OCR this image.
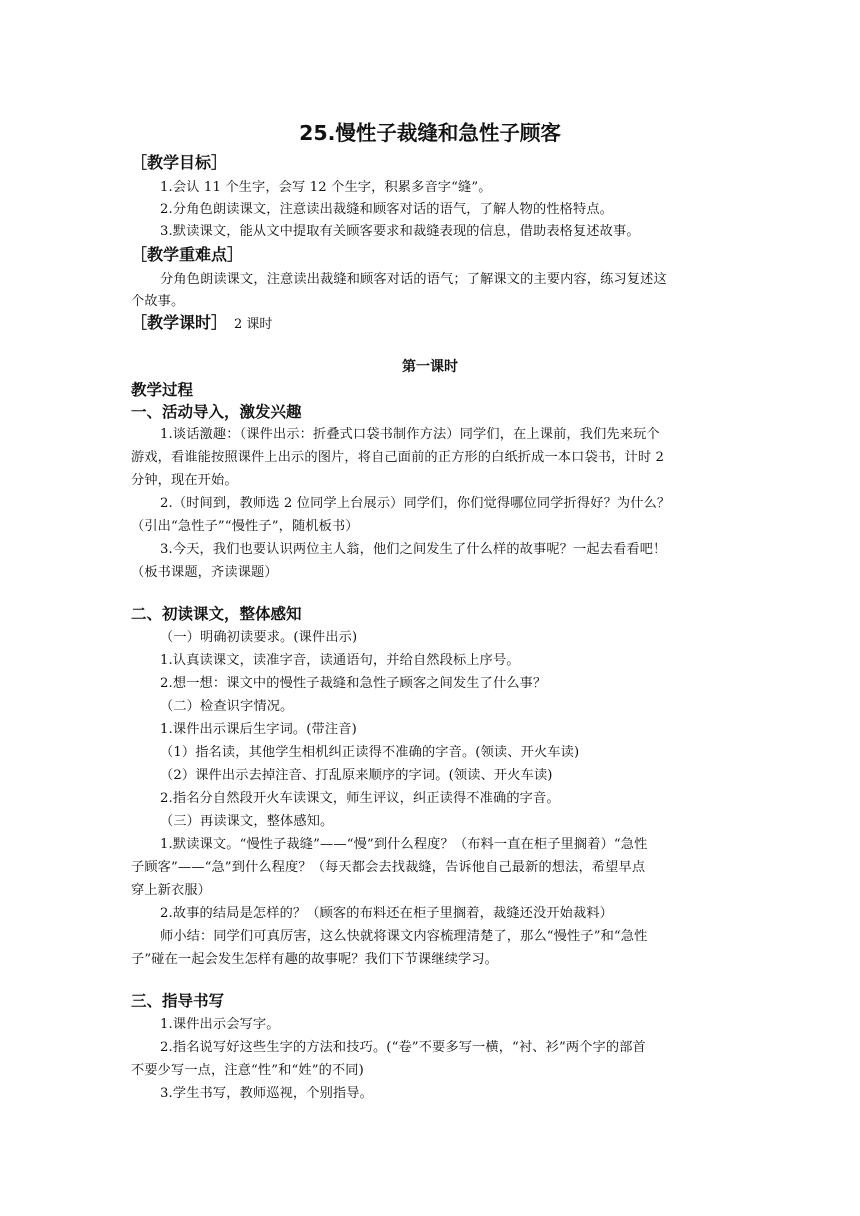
25.慢性子裁缝和急性子顾客
［教学目标］
1.会认 11 个生字，会写 12 个生字，积累多音字“缝”。
2.分角色朗读课文，注意读出裁缝和顾客对话的语气，了解人物的性格特点。
3.默读课文，能从文中提取有关顾客要求和裁缝表现的信息，借助表格复述故事。
［教学重难点］
分角色朗读课文，注意读出裁缝和顾客对话的语气；了解课文的主要内容，练习复述这
个故事。
［教学课时］ 2 课时
第一课时
教学过程
一、活动导入，激发兴趣
1.谈话激趣：（课件出示：折叠式口袋书制作方法）同学们，在上课前，我们先来玩个
游戏，看谁能按照课件上出示的图片，将自己面前的正方形的白纸折成一本口袋书，计时 2
分钟，现在开始。
2.（时间到，教师选 2 位同学上台展示）同学们，你们觉得哪位同学折得好？为什么？
（引出“急性子”“慢性子”，随机板书）
3.今天，我们也要认识两位主人翁，他们之间发生了什么样的故事呢？一起去看看吧！
（板书课题，齐读课题）
二、初读课文，整体感知
（一）明确初读要求。(课件出示)
1.认真读课文，读准字音，读通语句，并给自然段标上序号。
2.想一想：课文中的慢性子裁缝和急性子顾客之间发生了什么事？
（二）检查识字情况。
1.课件出示课后生字词。(带注音)
（1）指名读，其他学生相机纠正读得不准确的字音。(领读、开火车读)
（2）课件出示去掉注音、打乱原来顺序的字词。(领读、开火车读)
2.指名分自然段开火车读课文，师生评议，纠正读得不准确的字音。
（三）再读课文，整体感知。
1.默读课文。“慢性子裁缝”——“慢”到什么程度？（布料一直在柜子里搁着）“急性
子顾客”——“急”到什么程度？（每天都会去找裁缝，告诉他自己最新的想法，希望早点
穿上新衣服）
2.故事的结局是怎样的？（顾客的布料还在柜子里搁着，裁缝还没开始裁料）
师小结：同学们可真厉害，这么快就将课文内容梳理清楚了，那么“慢性子”和“急性
子”碰在一起会发生怎样有趣的故事呢？我们下节课继续学习。
三、指导书写
1.课件出示会写字。
2.指名说写好这些生字的方法和技巧。(“卷”不要多写一横，“衬、衫”两个字的部首
不要少写一点，注意“性”和“姓”的不同)
3.学生书写，教师巡视，个别指导。
